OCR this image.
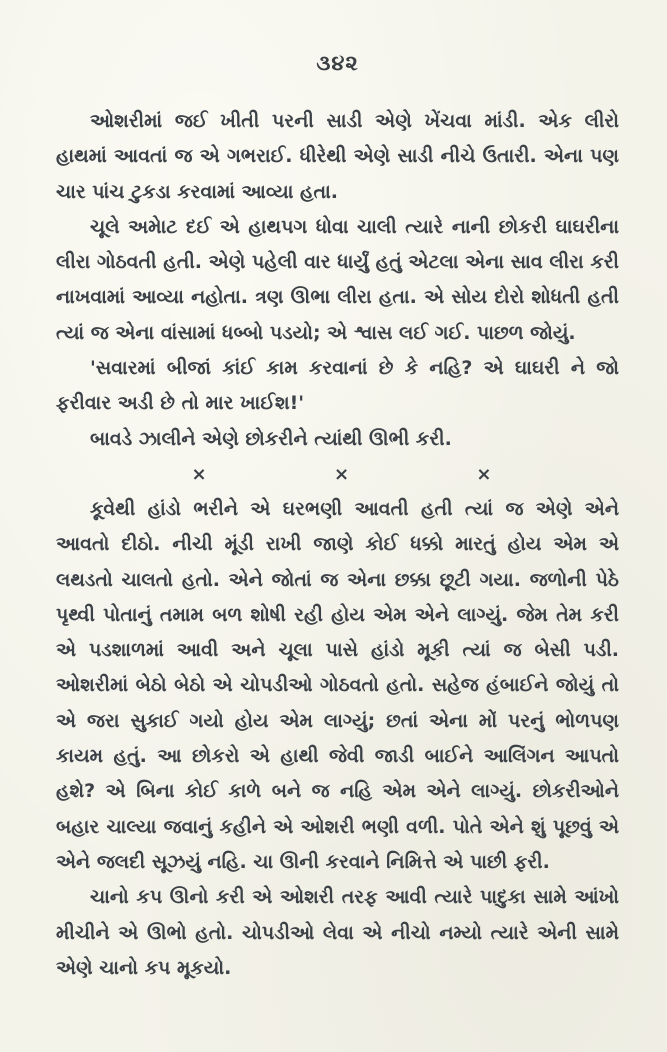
૩૪૨

ઓશરીમાં જઈ ખીતી પરની સાડી એણે ખેંચવા માંડી. એક લીરો હાથમાં આવતાં જ એ ગભરાઈ. ધીરેથી એણે સાડી નીચે ઉતારી. એના પણ ચાર પાંચ ટુકડા કરવામાં આવ્યા હતા.

ચૂલે અમેાટ દઈ એ હાથપગ ધોવા ચાલી ત્યારે નાની છોકરી ઘાઘરીના લીરા ગોઠવતી હતી. એણે પહેલી વાર ધાર્યું હતું એટલા એના સાવ લીરા કરી નાખવામાં આવ્યા નહોતા. ત્રણ ઊભા લીરા હતા. એ સોય દોરો શોધતી હતી ત્યાં જ એના વાંસામાં ધબ્બો પડયો; એ શ્વાસ લઈ ગઈ. પાછળ જોયું.

'સવારમાં બીજાં કાંઈ કામ કરવાનાં છે કે નહિ? એ ઘાઘરી ને જો ફરીવાર અડી છે તો માર ખાઈશ!'

બાવડે ઝાલીને એણે છોકરીને ત્યાંથી ઊભી કરી.

×	×	×

કૂવેથી હાંડો ભરીને એ ઘરભણી આવતી હતી ત્યાં જ એણે એને આવતો દીઠો. નીચી મૂંડી રાખી જાણે કોઈ ધક્કો મારતું હોય એમ એ લથડતો ચાલતો હતો. એને જોતાં જ એના છક્કા છૂટી ગયા. જળોની પેઠે પૃથ્વી પોતાનું તમામ બળ શોષી રહી હોય એમ એને લાગ્યું. જેમ તેમ કરી એ પડશાળમાં આવી અને ચૂલા પાસે હાંડો મૂકી ત્યાં જ બેસી પડી. ઓશરીમાં બેઠો બેઠો એ ચોપડીઓ ગોઠવતો હતો. સહેજ હંબાઈને જોયું તો એ જરા સુકાઈ ગયો હોય એમ લાગ્યું; છતાં એના મોં પરનું ભોળપણ કાયમ હતું. આ છોકરો એ હાથી જેવી જાડી બાઈને આલિંગન આપતો હશે? એ બિના કોઈ કાળે બને જ નહિ એમ એને લાગ્યું. છોકરીઓને બહાર ચાલ્યા જવાનું કહીને એ ઓશરી ભણી વળી. પોતે એને શું પૂછવું એ એને જલદી સૂઝયું નહિ. ચા ઊની કરવાને નિમિત્તે એ પાછી ફરી.

ચાનો કપ ઊનો કરી એ ઓશરી તરફ આવી ત્યારે પાદુકા સામે આંખો મીચીને એ ઊભો હતો. ચોપડીઓ લેવા એ નીચો નમ્યો ત્યારે એની સામે એણે ચાનો કપ મૂકયો.
